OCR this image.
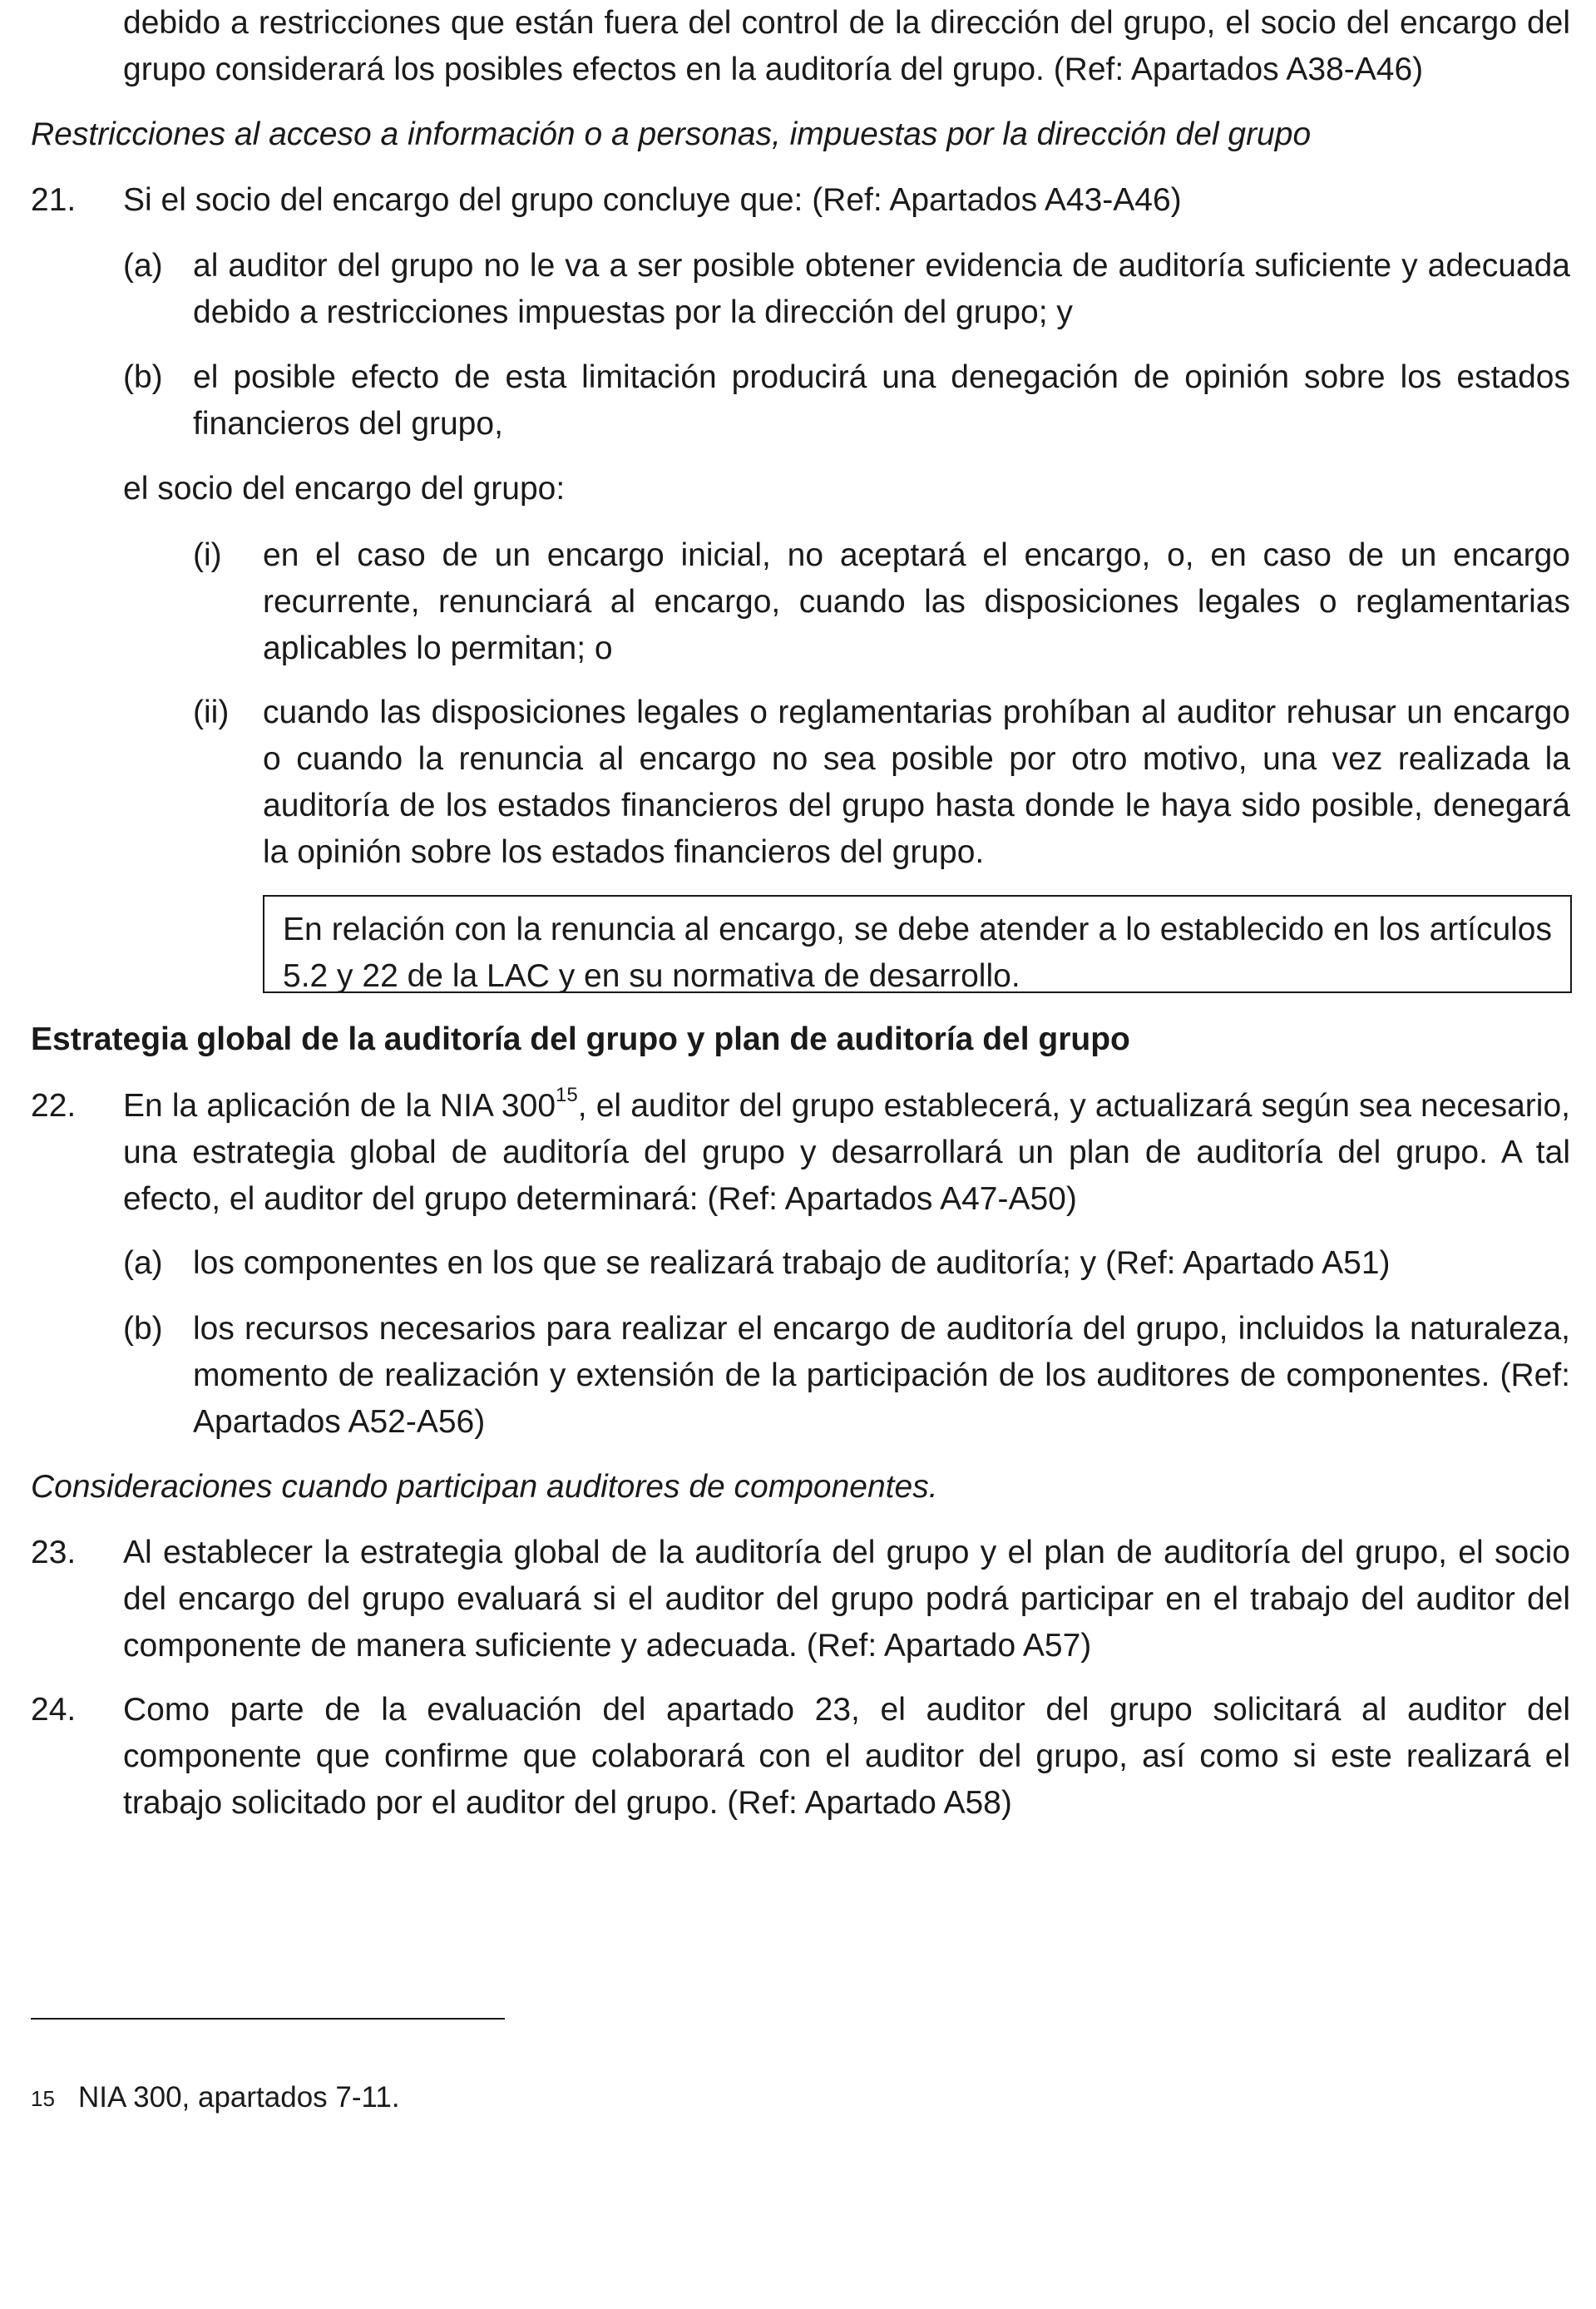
debido a restricciones que están fuera del control de la dirección del grupo, el socio del encargo del grupo considerará los posibles efectos en la auditoría del grupo. (Ref: Apartados A38-A46)

Restricciones al acceso a información o a personas, impuestas por la dirección del grupo

21. Si el socio del encargo del grupo concluye que: (Ref: Apartados A43-A46)

(a) al auditor del grupo no le va a ser posible obtener evidencia de auditoría suficiente y adecuada debido a restricciones impuestas por la dirección del grupo; y

(b) el posible efecto de esta limitación producirá una denegación de opinión sobre los estados financieros del grupo,

el socio del encargo del grupo:

(i) en el caso de un encargo inicial, no aceptará el encargo, o, en caso de un encargo recurrente, renunciará al encargo, cuando las disposiciones legales o reglamentarias aplicables lo permitan; o

(ii) cuando las disposiciones legales o reglamentarias prohíban al auditor rehusar un encargo o cuando la renuncia al encargo no sea posible por otro motivo, una vez realizada la auditoría de los estados financieros del grupo hasta donde le haya sido posible, denegará la opinión sobre los estados financieros del grupo.

En relación con la renuncia al encargo, se debe atender a lo establecido en los artículos 5.2 y 22 de la LAC y en su normativa de desarrollo.

Estrategia global de la auditoría del grupo y plan de auditoría del grupo

22. En la aplicación de la NIA $300^{15}$, el auditor del grupo establecerá, y actualizará según sea necesario, una estrategia global de auditoría del grupo y desarrollará un plan de auditoría del grupo. A tal efecto, el auditor del grupo determinará: (Ref: Apartados A47-A50)

(a) los componentes en los que se realizará trabajo de auditoría; y (Ref: Apartado A51)

(b) los recursos necesarios para realizar el encargo de auditoría del grupo, incluidos la naturaleza, momento de realización y extensión de la participación de los auditores de componentes. (Ref: Apartados A52-A56)

Consideraciones cuando participan auditores de componentes.

23. Al establecer la estrategia global de la auditoría del grupo y el plan de auditoría del grupo, el socio del encargo del grupo evaluará si el auditor del grupo podrá participar en el trabajo del auditor del componente de manera suficiente y adecuada. (Ref: Apartado A57)

24. Como parte de la evaluación del apartado 23, el auditor del grupo solicitará al auditor del componente que confirme que colaborará con el auditor del grupo, así como si este realizará el trabajo solicitado por el auditor del grupo. (Ref: Apartado A58)

15 NIA 300, apartados 7-11.
